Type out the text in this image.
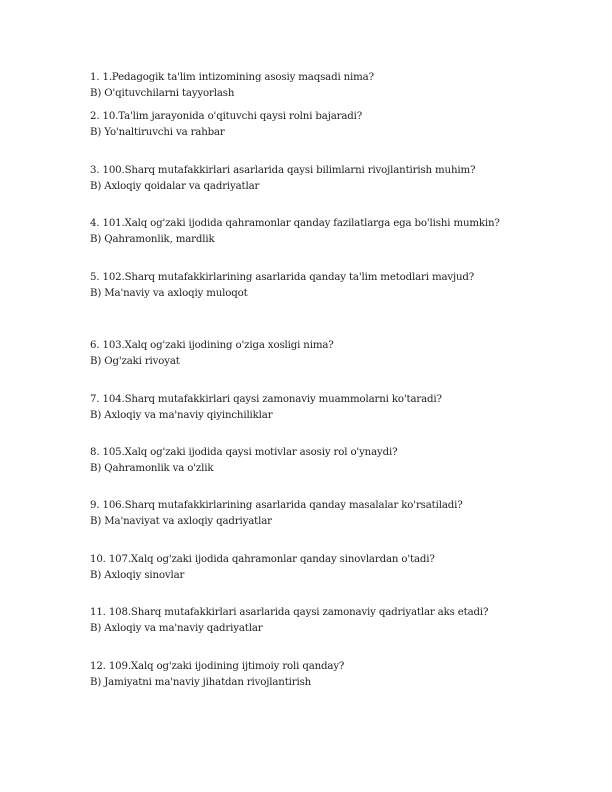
1. 1.Pedagogik ta'lim intizomining asosiy maqsadi nima?
B) O'qituvchilarni tayyorlash
2. 10.Ta'lim jarayonida o'qituvchi qaysi rolni bajaradi?
B) Yo'naltiruvchi va rahbar
3. 100.Sharq mutafakkirlari asarlarida qaysi bilimlarni rivojlantirish muhim?
B) Axloqiy qoidalar va qadriyatlar
4. 101.Xalq og'zaki ijodida qahramonlar qanday fazilatlarga ega bo'lishi mumkin?
B) Qahramonlik, mardlik
5. 102.Sharq mutafakkirlarining asarlarida qanday ta'lim metodlari mavjud?
B) Ma'naviy va axloqiy muloqot
6. 103.Xalq og'zaki ijodining o'ziga xosligi nima?
B) Og'zaki rivoyat
7. 104.Sharq mutafakkirlari qaysi zamonaviy muammolarni ko'taradi?
B) Axloqiy va ma'naviy qiyinchiliklar
8. 105.Xalq og'zaki ijodida qaysi motivlar asosiy rol o'ynaydi?
B) Qahramonlik va o'zlik
9. 106.Sharq mutafakkirlarining asarlarida qanday masalalar ko'rsatiladi?
B) Ma'naviyat va axloqiy qadriyatlar
10. 107.Xalq og'zaki ijodida qahramonlar qanday sinovlardan o'tadi?
B) Axloqiy sinovlar
11. 108.Sharq mutafakkirlari asarlarida qaysi zamonaviy qadriyatlar aks etadi?
B) Axloqiy va ma'naviy qadriyatlar
12. 109.Xalq og'zaki ijodining ijtimoiy roli qanday?
B) Jamiyatni ma'naviy jihatdan rivojlantirish
